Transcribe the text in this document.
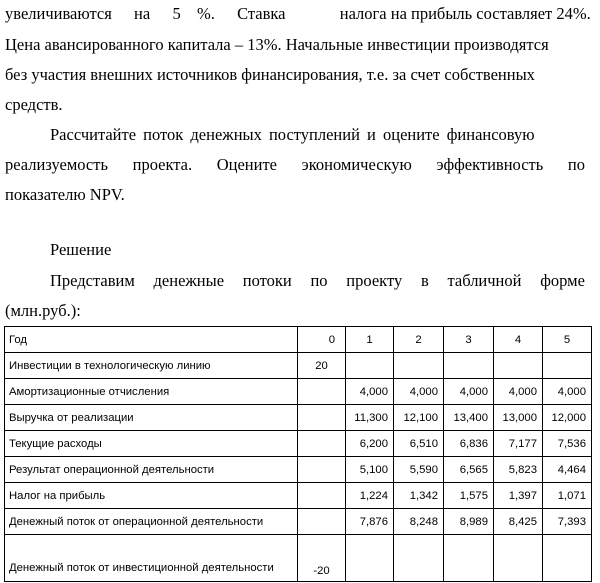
увеличиваются на 5 %. Ставка	налога на прибыль составляет 24%.
Цена авансированного капитала – 13%. Начальные инвестиции производятся
без участия внешних источников финансирования, т.е. за счет собственных
средств.
Рассчитайте поток денежных поступлений и оцените финансовую
реализуемость проекта. Оцените экономическую эффективность по
показателю NPV.
Решение
Представим денежные потоки по проекту в табличной форме
(млн.руб.):
Год	0	1	2	3	4	5
Инвестиции в технологическую линию	20					
Амортизационные отчисления		4,000	4,000	4,000	4,000	4,000
Выручка от реализации		11,300	12,100	13,400	13,000	12,000
Текущие расходы		6,200	6,510	6,836	7,177	7,536
Результат операционной деятельности		5,100	5,590	6,565	5,823	4,464
Налог на прибыль		1,224	1,342	1,575	1,397	1,071
Денежный поток от операционной деятельности		7,876	8,248	8,989	8,425	7,393
Денежный поток от инвестиционной деятельности	-20					
